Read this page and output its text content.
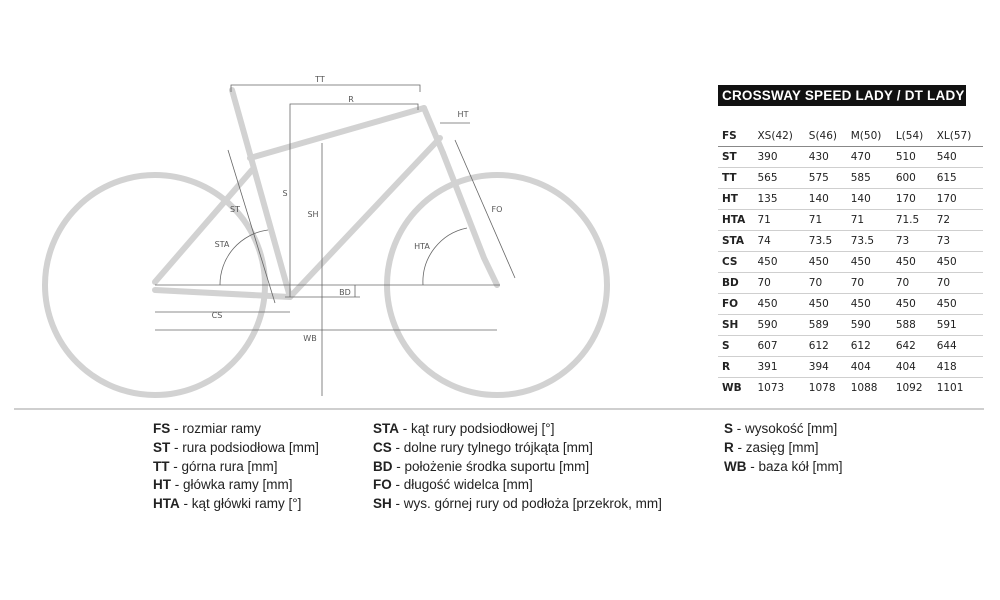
TT
R
HT
ST
S
SH
FO
STA	HTA
BD
CS
WB
CROSSWAY SPEED LADY / DT LADY
FS	XS(42)	S(46)	M(50)	L(54)	XL(57)
ST	390	430	470	510	540
TT	565	575	585	600	615
HT	135	140	140	170	170
HTA	71	71	71	71.5	72
STA	74	73.5	73.5	73	73
CS	450	450	450	450	450
BD	70	70	70	70	70
FO	450	450	450	450	450
SH	590	589	590	588	591
S	607	612	612	642	644
R	391	394	404	404	418
WB	1073	1078	1088	1092	1101
FS - rozmiar ramy
ST - rura podsiodłowa [mm]
TT - górna rura [mm]
HT - główka ramy [mm]
HTA - kąt główki ramy [°]
STA - kąt rury podsiodłowej [°]
CS - dolne rury tylnego trójkąta [mm]
BD - położenie środka suportu [mm]
FO - długość widelca [mm]
SH - wys. górnej rury od podłoża [przekrok, mm]
S - wysokość [mm]
R - zasięg [mm]
WB - baza kół [mm]
